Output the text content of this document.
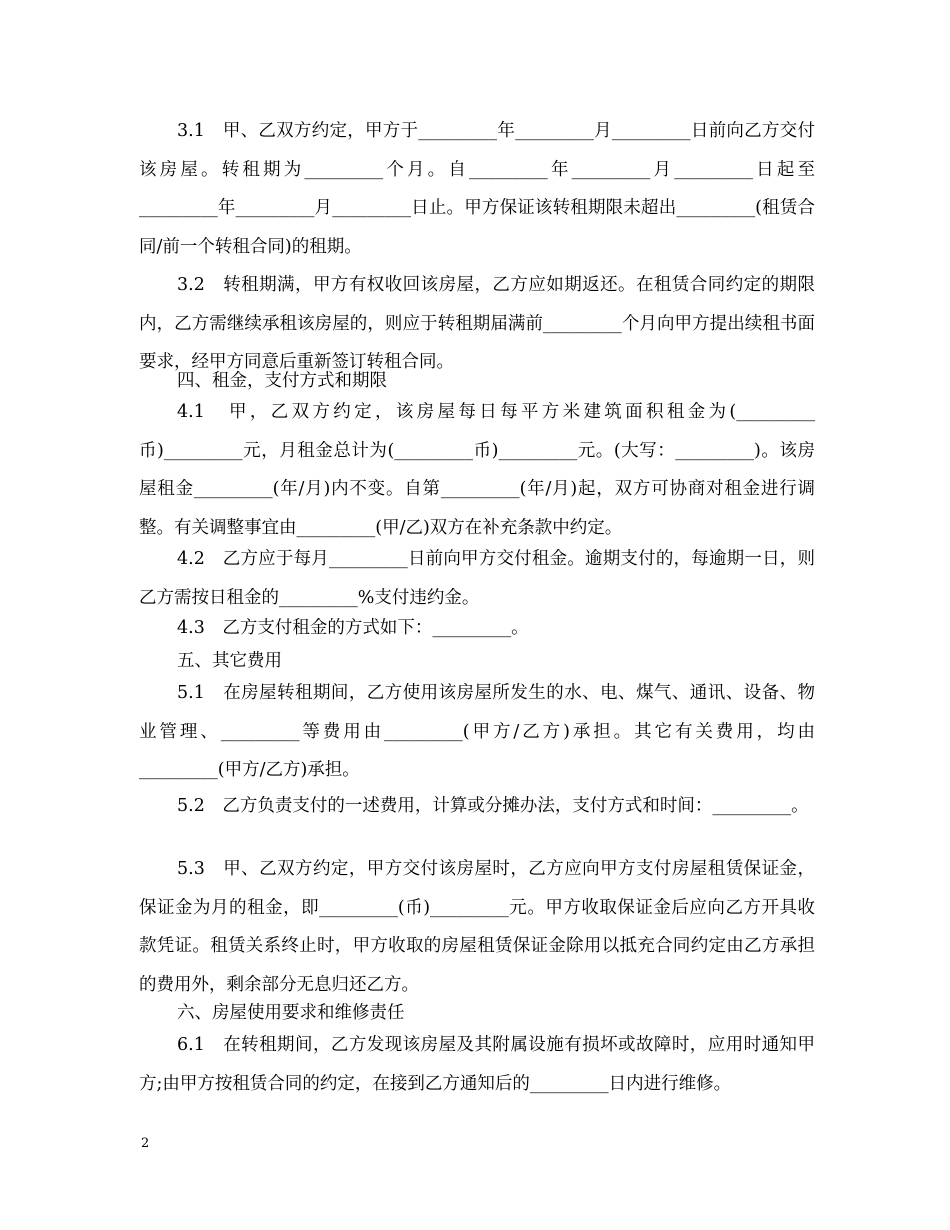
3.1　甲、乙双方约定，甲方于_________年_________月_________日前向乙方交付该房屋。转租期为_________个月。自_________年_________月_________日起至_________年_________月_________日止。甲方保证该转租期限未超出_________(租赁合同/前一个转租合同)的租期。

3.2　转租期满，甲方有权收回该房屋，乙方应如期返还。在租赁合同约定的期限内，乙方需继续承租该房屋的，则应于转租期届满前_________个月向甲方提出续租书面要求，经甲方同意后重新签订转租合同。

四、租金，支付方式和期限

4.1　甲，乙双方约定，该房屋每日每平方米建筑面积租金为(_________币)_________元，月租金总计为(_________币)_________元。(大写：_________)。该房屋租金_________(年/月)内不变。自第_________(年/月)起，双方可协商对租金进行调整。有关调整事宜由_________(甲/乙)双方在补充条款中约定。

4.2　乙方应于每月_________日前向甲方交付租金。逾期支付的，每逾期一日，则乙方需按日租金的_________%支付违约金。

4.3　乙方支付租金的方式如下：_________。

五、其它费用

5.1　在房屋转租期间，乙方使用该房屋所发生的水、电、煤气、通讯、设备、物业管理、_________等费用由_________(甲方/乙方)承担。其它有关费用，均由_________(甲方/乙方)承担。

5.2　乙方负责支付的一述费用，计算或分摊办法，支付方式和时间：_________。

5.3　甲、乙双方约定，甲方交付该房屋时，乙方应向甲方支付房屋租赁保证金，保证金为月的租金，即_________(币)_________元。甲方收取保证金后应向乙方开具收款凭证。租赁关系终止时，甲方收取的房屋租赁保证金除用以抵充合同约定由乙方承担的费用外，剩余部分无息归还乙方。

六、房屋使用要求和维修责任

6.1　在转租期间，乙方发现该房屋及其附属设施有损坏或故障时，应用时通知甲方;由甲方按租赁合同的约定，在接到乙方通知后的_________日内进行维修。

2
